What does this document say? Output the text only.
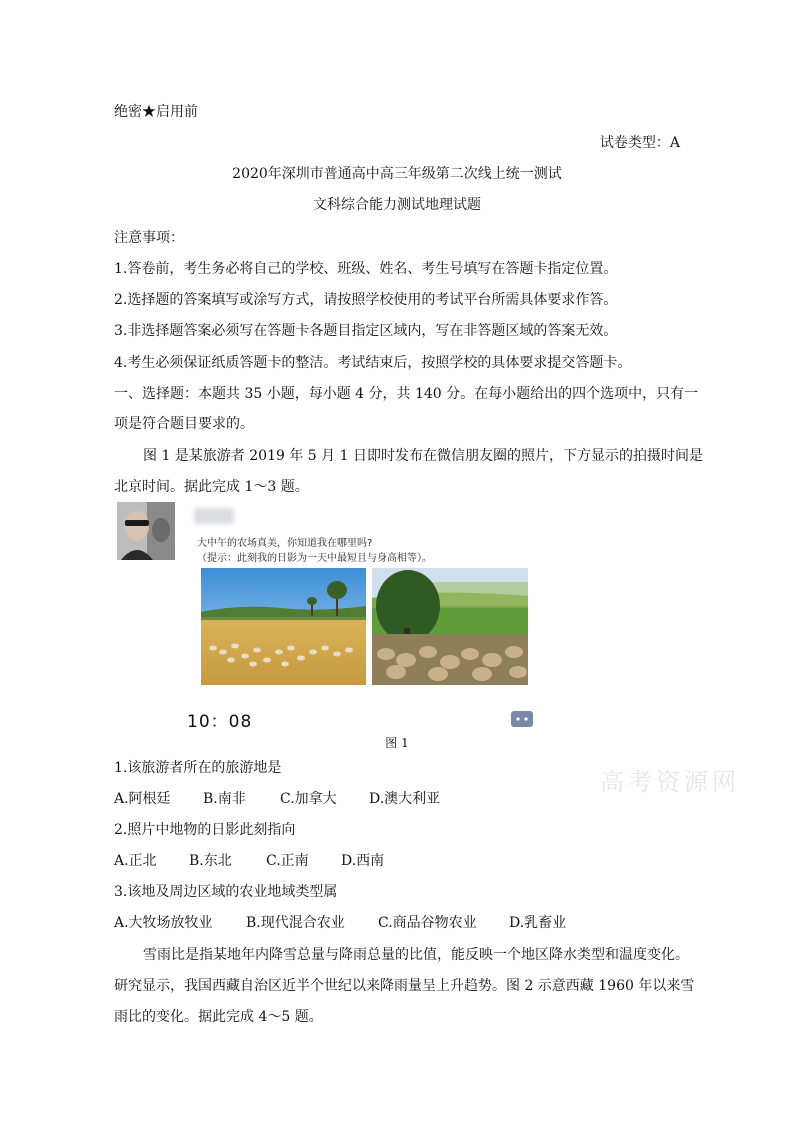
绝密★启用前
试卷类型：A
2020年深圳市普通高中高三年级第二次线上统一测试
文科综合能力测试地理试题
注意事项：
1.答卷前，考生务必将自己的学校、班级、姓名、考生号填写在答题卡指定位置。
2.选择题的答案填写或涂写方式，请按照学校使用的考试平台所需具体要求作答。
3.非选择题答案必须写在答题卡各题目指定区域内，写在非答题区域的答案无效。
4.考生必须保证纸质答题卡的整洁。考试结束后，按照学校的具体要求提交答题卡。
一、选择题：本题共 35 小题，每小题 4 分，共 140 分。在每小题给出的四个选项中，只有一
项是符合题目要求的。
图 1 是某旅游者 2019 年 5 月 1 日即时发布在微信朋友圈的照片，下方显示的拍摄时间是
北京时间。据此完成 1～3 题。
大中午的农场真美，你知道我在哪里吗?
（提示：此刻我的日影为一天中最短且与身高相等）。
10：08
图 1
高考资源网
1.该旅游者所在的旅游地是
A.阿根廷 B.南非 C.加拿大 D.澳大利亚
2.照片中地物的日影此刻指向
A.正北 B.东北 C.正南 D.西南
3.该地及周边区域的农业地域类型属
A.大牧场放牧业 B.现代混合农业 C.商品谷物农业 D.乳畜业
雪雨比是指某地年内降雪总量与降雨总量的比值，能反映一个地区降水类型和温度变化。
研究显示，我国西藏自治区近半个世纪以来降雨量呈上升趋势。图 2 示意西藏 1960 年以来雪
雨比的变化。据此完成 4～5 题。
